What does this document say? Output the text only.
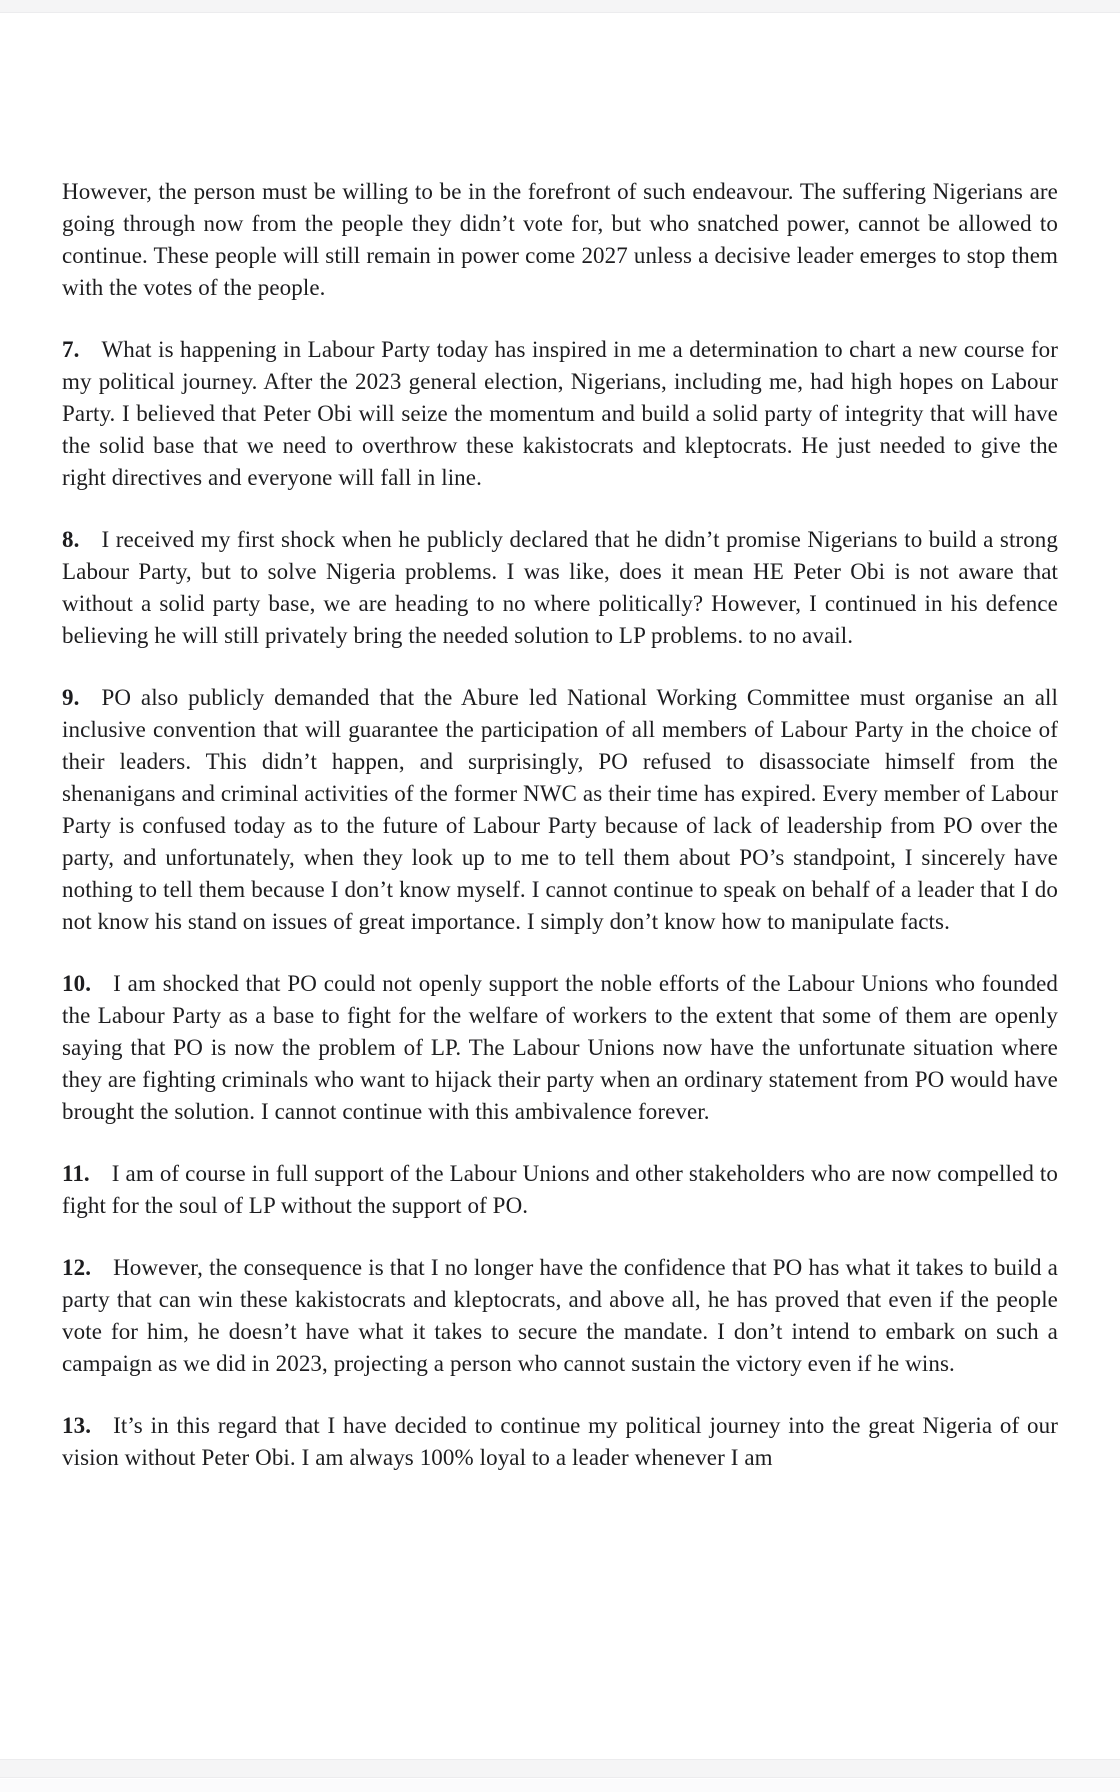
However, the person must be willing to be in the forefront of such endeavour. The suffering Nigerians are going through now from the people they didn’t vote for, but who snatched power, cannot be allowed to continue. These people will still remain in power come 2027 unless a decisive leader emerges to stop them with the votes of the people.

7. What is happening in Labour Party today has inspired in me a determination to chart a new course for my political journey. After the 2023 general election, Nigerians, including me, had high hopes on Labour Party. I believed that Peter Obi will seize the momentum and build a solid party of integrity that will have the solid base that we need to overthrow these kakistocrats and kleptocrats. He just needed to give the right directives and everyone will fall in line.

8. I received my first shock when he publicly declared that he didn’t promise Nigerians to build a strong Labour Party, but to solve Nigeria problems. I was like, does it mean HE Peter Obi is not aware that without a solid party base, we are heading to no where politically? However, I continued in his defence believing he will still privately bring the needed solution to LP problems. to no avail.

9. PO also publicly demanded that the Abure led National Working Committee must organise an all inclusive convention that will guarantee the participation of all members of Labour Party in the choice of their leaders. This didn’t happen, and surprisingly, PO refused to disassociate himself from the shenanigans and criminal activities of the former NWC as their time has expired. Every member of Labour Party is confused today as to the future of Labour Party because of lack of leadership from PO over the party, and unfortunately, when they look up to me to tell them about PO’s standpoint, I sincerely have nothing to tell them because I don’t know myself. I cannot continue to speak on behalf of a leader that I do not know his stand on issues of great importance. I simply don’t know how to manipulate facts.

10. I am shocked that PO could not openly support the noble efforts of the Labour Unions who founded the Labour Party as a base to fight for the welfare of workers to the extent that some of them are openly saying that PO is now the problem of LP. The Labour Unions now have the unfortunate situation where they are fighting criminals who want to hijack their party when an ordinary statement from PO would have brought the solution. I cannot continue with this ambivalence forever.

11. I am of course in full support of the Labour Unions and other stakeholders who are now compelled to fight for the soul of LP without the support of PO.

12. However, the consequence is that I no longer have the confidence that PO has what it takes to build a party that can win these kakistocrats and kleptocrats, and above all, he has proved that even if the people vote for him, he doesn’t have what it takes to secure the mandate. I don’t intend to embark on such a campaign as we did in 2023, projecting a person who cannot sustain the victory even if he wins.

13. It’s in this regard that I have decided to continue my political journey into the great Nigeria of our vision without Peter Obi. I am always 100% loyal to a leader whenever I am
